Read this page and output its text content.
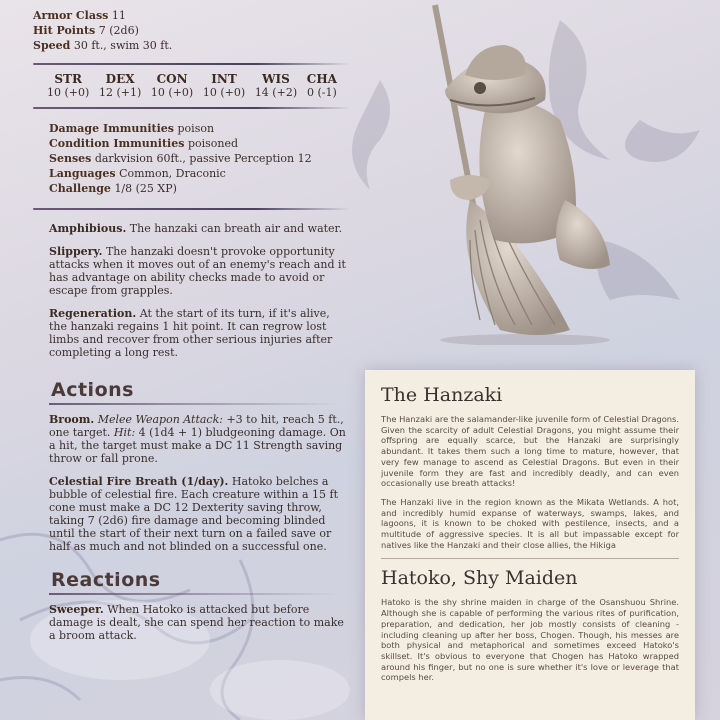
Armor Class 11

Hit Points 7 (2d6)

Speed 30 ft., swim 30 ft.

STR
10 (+0)
DEX
12 (+1)
CON
10 (+0)
INT
10 (+0)
WIS
14 (+2)
CHA
0 (-1)

Damage Immunities poison

Condition Immunities poisoned

Senses darkvision 60ft., passive Perception 12

Languages Common, Draconic

Challenge 1/8 (25 XP)

Amphibious. The hanzaki can breath air and water.

Slippery. The hanzaki doesn't provoke opportunity attacks when it moves out of an enemy's reach and it has advantage on ability checks made to avoid or escape from grapples.

Regeneration. At the start of its turn, if it's alive, the hanzaki regains 1 hit point. It can regrow lost limbs and recover from other serious injuries after completing a long rest.

Actions

Broom. Melee Weapon Attack: +3 to hit, reach 5 ft., one target. Hit: 4 (1d4 + 1) bludgeoning damage. On a hit, the target must make a DC 11 Strength saving throw or fall prone.

Celestial Fire Breath (1/day). Hatoko belches a bubble of celestial fire. Each creature within a 15 ft cone must make a DC 12 Dexterity saving throw, taking 7 (2d6) fire damage and becoming blinded until the start of their next turn on a failed save or half as much and not blinded on a successful one.

Reactions

Sweeper. When Hatoko is attacked but before damage is dealt, she can spend her reaction to make a broom attack.

The Hanzaki

The Hanzaki are the salamander-like juvenile form of Celestial Dragons. Given the scarcity of adult Celestial Dragons, you might assume their offspring are equally scarce, but the Hanzaki are surprisingly abundant. It takes them such a long time to mature, however, that very few manage to ascend as Celestial Dragons. But even in their juvenile form they are fast and incredibly deadly, and can even occasionally use breath attacks!

The Hanzaki live in the region known as the Mikata Wetlands. A hot, and incredibly humid expanse of waterways, swamps, lakes, and lagoons, it is known to be choked with pestilence, insects, and a multitude of aggressive species. It is all but impassable except for natives like the Hanzaki and their close allies, the Hikiga

Hatoko, Shy Maiden

Hatoko is the shy shrine maiden in charge of the Osanshuou Shrine. Although she is capable of performing the various rites of purification, preparation, and dedication, her job mostly consists of cleaning - including cleaning up after her boss, Chogen. Though, his messes are both physical and metaphorical and sometimes exceed Hatoko's skillset. It's obvious to everyone that Chogen has Hatoko wrapped around his finger, but no one is sure whether it's love or leverage that compels her.
